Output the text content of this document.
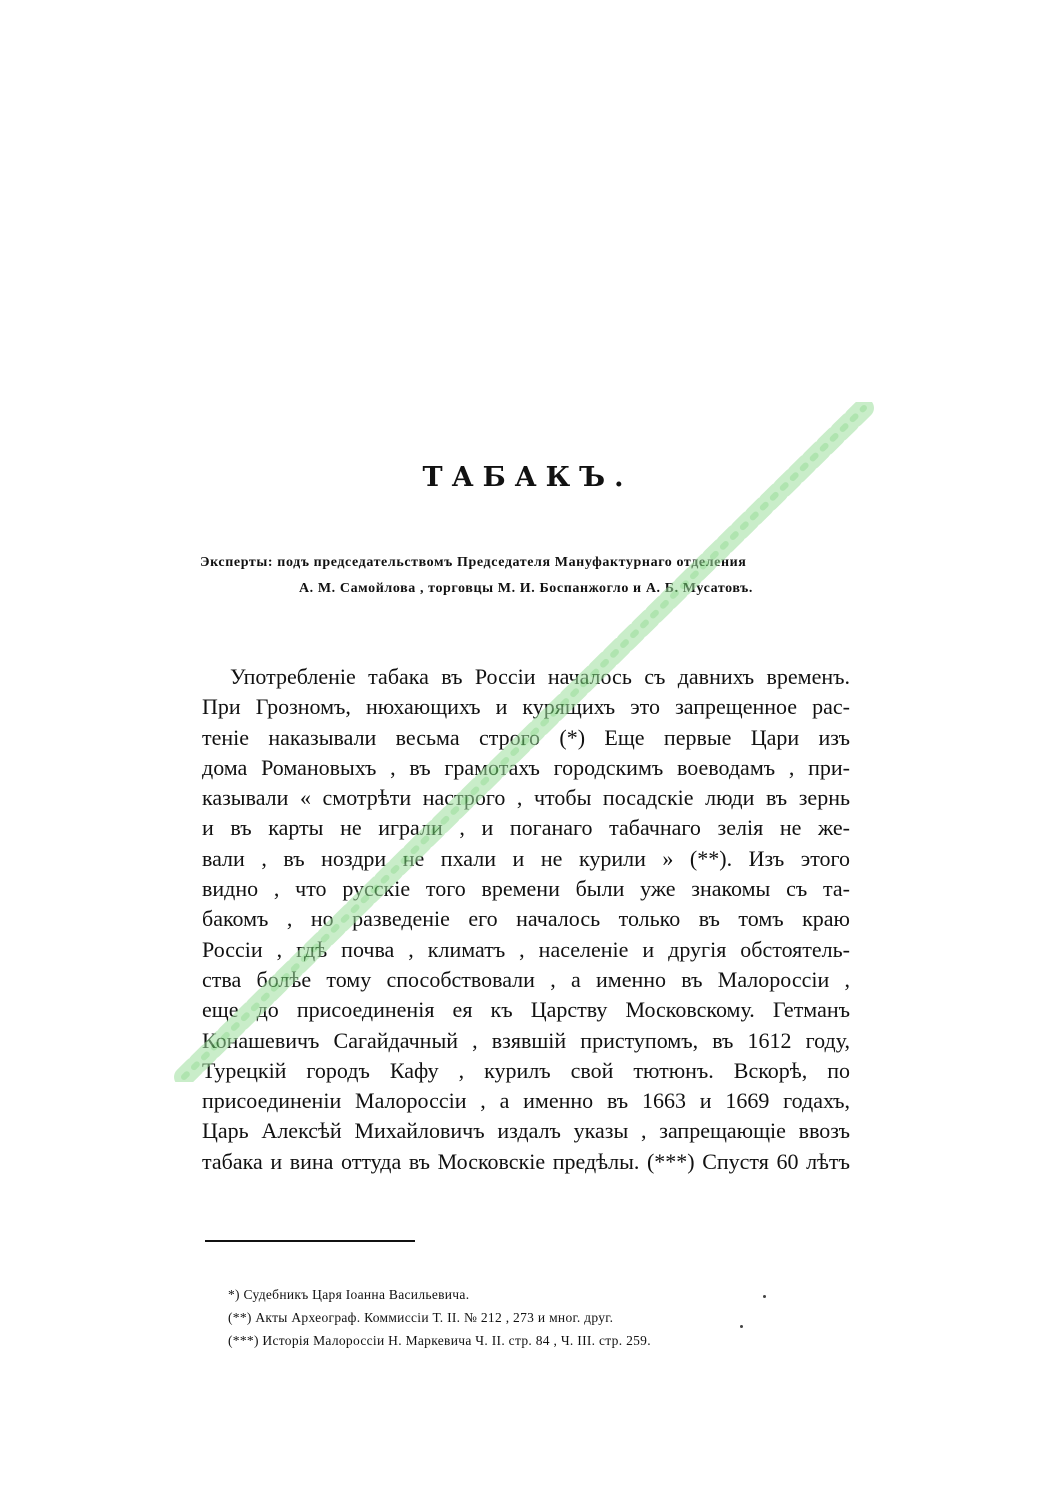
ТАБАКЪ.
Эксперты: подъ председательствомъ Председателя Мануфактурнаго отделения
А. М. Самойлова , торговцы М. И. Боспанжогло и А. Б. Мусатовъ.
Употребленіе табака въ Россіи началось съ давнихъ временъ.
При Грозномъ, нюхающихъ и курящихъ это запрещенное рас-
теніе наказывали весьма строго (*) Еще первые Цари изъ
дома Романовыхъ , въ грамотахъ городскимъ воеводамъ , при-
казывали « смотрѣти настрого , чтобы посадскіе люди въ зернь
и въ карты не играли , и поганаго табачнаго зелія не же-
вали , въ ноздри не пхали и не курили » (**). Изъ этого
видно , что русскіе того времени были уже знакомы съ та-
бакомъ , но разведеніе его началось только въ томъ краю
Россіи , гдѣ почва , климатъ , населеніе и другія обстоятель-
ства болѣе тому способствовали , а именно въ Малороссіи ,
еще до присоединенія ея къ Царству Московскому. Гетманъ
Конашевичъ Сагайдачный , взявшій приступомъ, въ 1612 году,
Турецкій городъ Кафу , курилъ свой тютюнъ. Вскорѣ, по
присоединеніи Малороссіи , а именно въ 1663 и 1669 годахъ,
Царь Алексѣй Михайловичъ издалъ указы , запрещающіе ввозъ
табака и вина оттуда въ Московскіе предѣлы. (***) Спустя 60 лѣтъ
*) Судебникъ Царя Іоанна Васильевича.
(**) Акты Археограф. Коммиссіи Т. II. № 212 , 273 и мног. друг.
(***) Исторія Малороссіи Н. Маркевича Ч. II. стр. 84 , Ч. III. стр. 259.
